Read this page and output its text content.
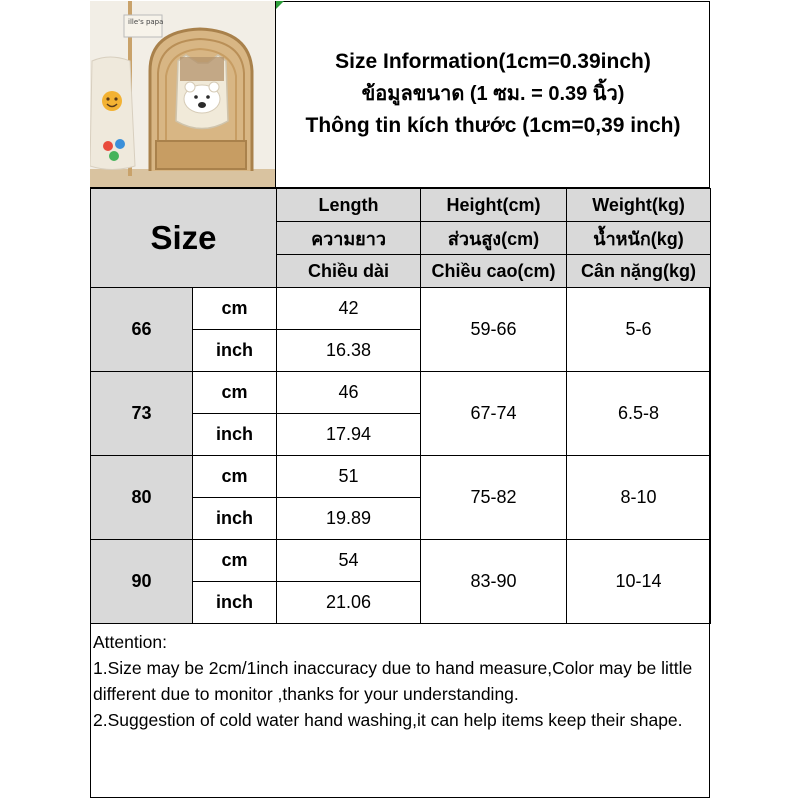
ille's papa
Size Information(1cm=0.39inch)
ข้อมูลขนาด (1 ซม. = 0.39 นิ้ว)
Thông tin kích thước (1cm=0,39 inch)
Size		Length	Height(cm)	Weight(kg)
		ความยาว	ส่วนสูง(cm)	น้ำหนัก(kg)
		Chiều dài	Chiều cao(cm)	Cân nặng(kg)
66	cm	42	59-66	5-6
	inch	16.38		
73	cm	46	67-74	6.5-8
	inch	17.94		
80	cm	51	75-82	8-10
	inch	19.89		
90	cm	54	83-90	10-14
	inch	21.06		
Attention:
1.Size may be 2cm/1inch inaccuracy due to hand measure,Color may be little different due to monitor ,thanks for your understanding.
2.Suggestion of cold water hand washing,it can help items keep their shape.
